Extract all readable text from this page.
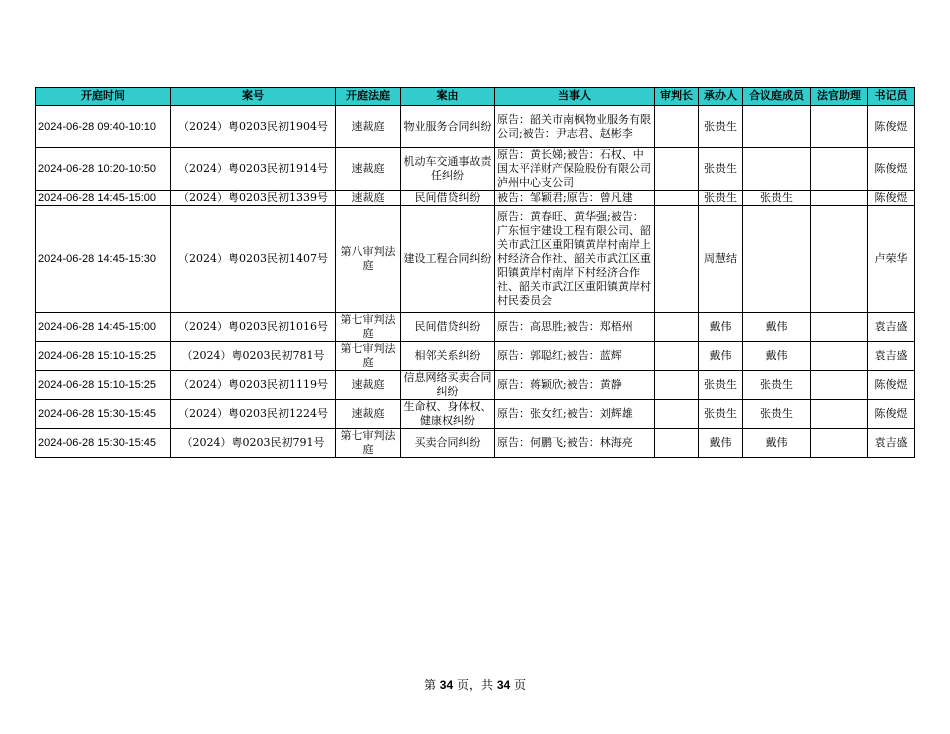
开庭时间	案号	开庭法庭	案由	当事人	审判长	承办人	合议庭成员	法官助理	书记员
2024-06-28 09:40-10:10	（2024）粤0203民初1904号	速裁庭	物业服务合同纠纷	原告：韶关市南枫物业服务有限公司;被告：尹志君、赵彬李		张贵生			陈俊煜
2024-06-28 10:20-10:50	（2024）粤0203民初1914号	速裁庭	机动车交通事故责任纠纷	原告：黄长娣;被告：石权、中国太平洋财产保险股份有限公司泸州中心支公司		张贵生			陈俊煜
2024-06-28 14:45-15:00	（2024）粤0203民初1339号	速裁庭	民间借贷纠纷	被告：邹颖君;原告：曾凡建		张贵生	张贵生		陈俊煜
2024-06-28 14:45-15:30	（2024）粤0203民初1407号	第八审判法庭	建设工程合同纠纷	原告：黄春旺、黄华强;被告：广东恒宇建设工程有限公司、韶关市武江区重阳镇黄岸村南岸上村经济合作社、韶关市武江区重阳镇黄岸村南岸下村经济合作社、韶关市武江区重阳镇黄岸村村民委员会		周慧结			卢荣华
2024-06-28 14:45-15:00	（2024）粤0203民初1016号	第七审判法庭	民间借贷纠纷	原告：高思胜;被告：郑梧州		戴伟	戴伟		袁吉盛
2024-06-28 15:10-15:25	（2024）粤0203民初781号	第七审判法庭	相邻关系纠纷	原告：郭聪红;被告：蓝辉		戴伟	戴伟		袁吉盛
2024-06-28 15:10-15:25	（2024）粤0203民初1119号	速裁庭	信息网络买卖合同纠纷	原告：蒋颖欣;被告：黄静		张贵生	张贵生		陈俊煜
2024-06-28 15:30-15:45	（2024）粤0203民初1224号	速裁庭	生命权、身体权、健康权纠纷	原告：张女红;被告：刘辉雄		张贵生	张贵生		陈俊煜
2024-06-28 15:30-15:45	（2024）粤0203民初791号	第七审判法庭	买卖合同纠纷	原告：何鹏飞;被告：林海亮		戴伟	戴伟		袁吉盛
第 34 页，共 34 页
